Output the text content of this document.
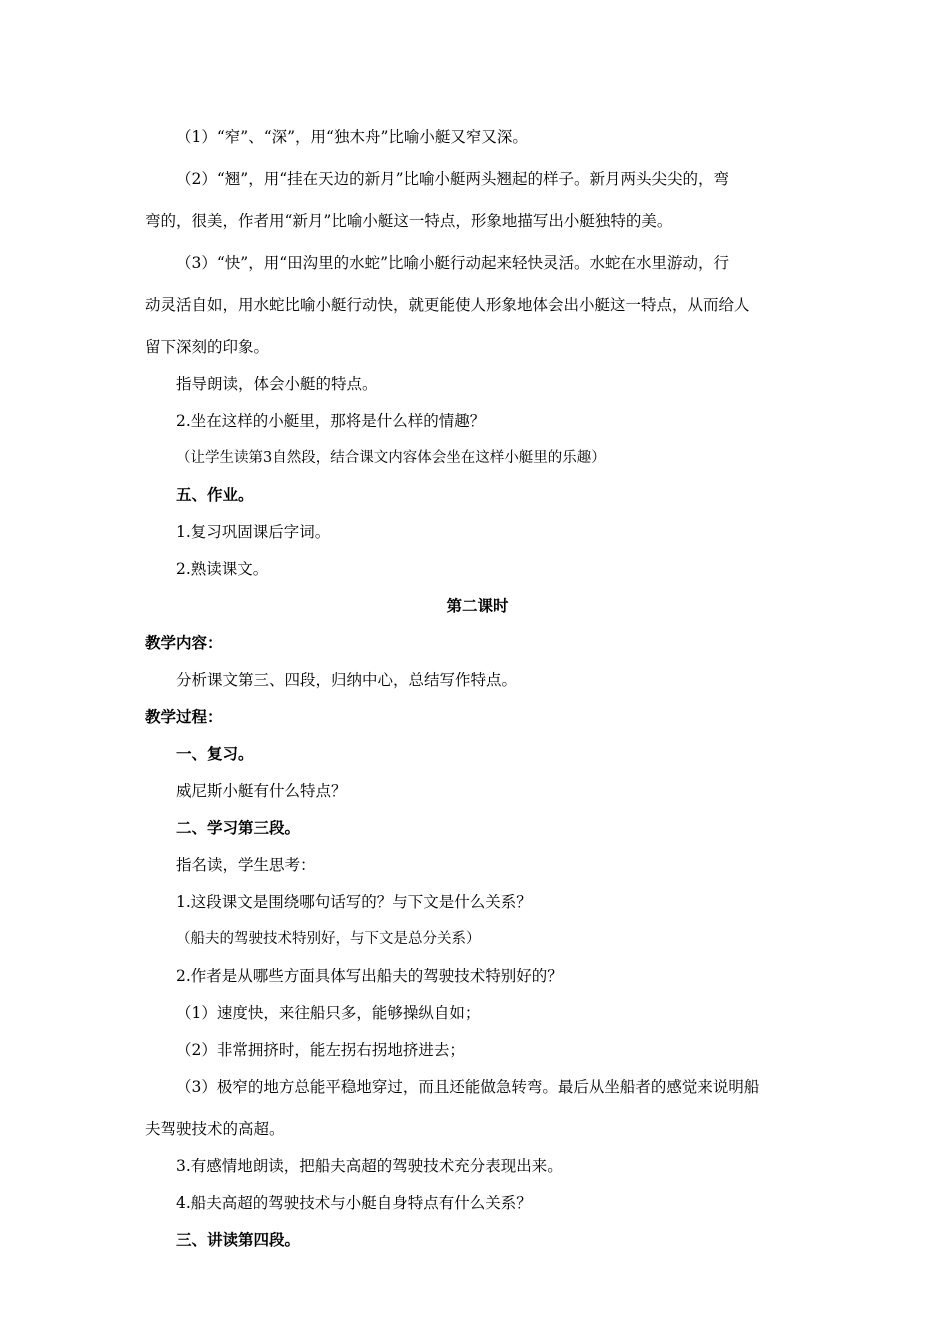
（1）“窄”、“深”，用“独木舟”比喻小艇又窄又深。
（2）“翘”，用“挂在天边的新月”比喻小艇两头翘起的样子。新月两头尖尖的，弯
弯的，很美，作者用“新月”比喻小艇这一特点，形象地描写出小艇独特的美。
（3）“快”，用“田沟里的水蛇”比喻小艇行动起来轻快灵活。水蛇在水里游动，行
动灵活自如，用水蛇比喻小艇行动快，就更能使人形象地体会出小艇这一特点，从而给人
留下深刻的印象。
指导朗读，体会小艇的特点。
2.坐在这样的小艇里，那将是什么样的情趣？
（让学生读第3自然段，结合课文内容体会坐在这样小艇里的乐趣）
五、作业。
1.复习巩固课后字词。
2.熟读课文。
第二课时
教学内容：
分析课文第三、四段，归纳中心，总结写作特点。
教学过程：
一、复习。
威尼斯小艇有什么特点？
二、学习第三段。
指名读，学生思考：
1.这段课文是围绕哪句话写的？与下文是什么关系？
（船夫的驾驶技术特别好，与下文是总分关系）
2.作者是从哪些方面具体写出船夫的驾驶技术特别好的？
（1）速度快，来往船只多，能够操纵自如；
（2）非常拥挤时，能左拐右拐地挤进去；
（3）极窄的地方总能平稳地穿过，而且还能做急转弯。最后从坐船者的感觉来说明船
夫驾驶技术的高超。
3.有感情地朗读，把船夫高超的驾驶技术充分表现出来。
4.船夫高超的驾驶技术与小艇自身特点有什么关系？
三、讲读第四段。
